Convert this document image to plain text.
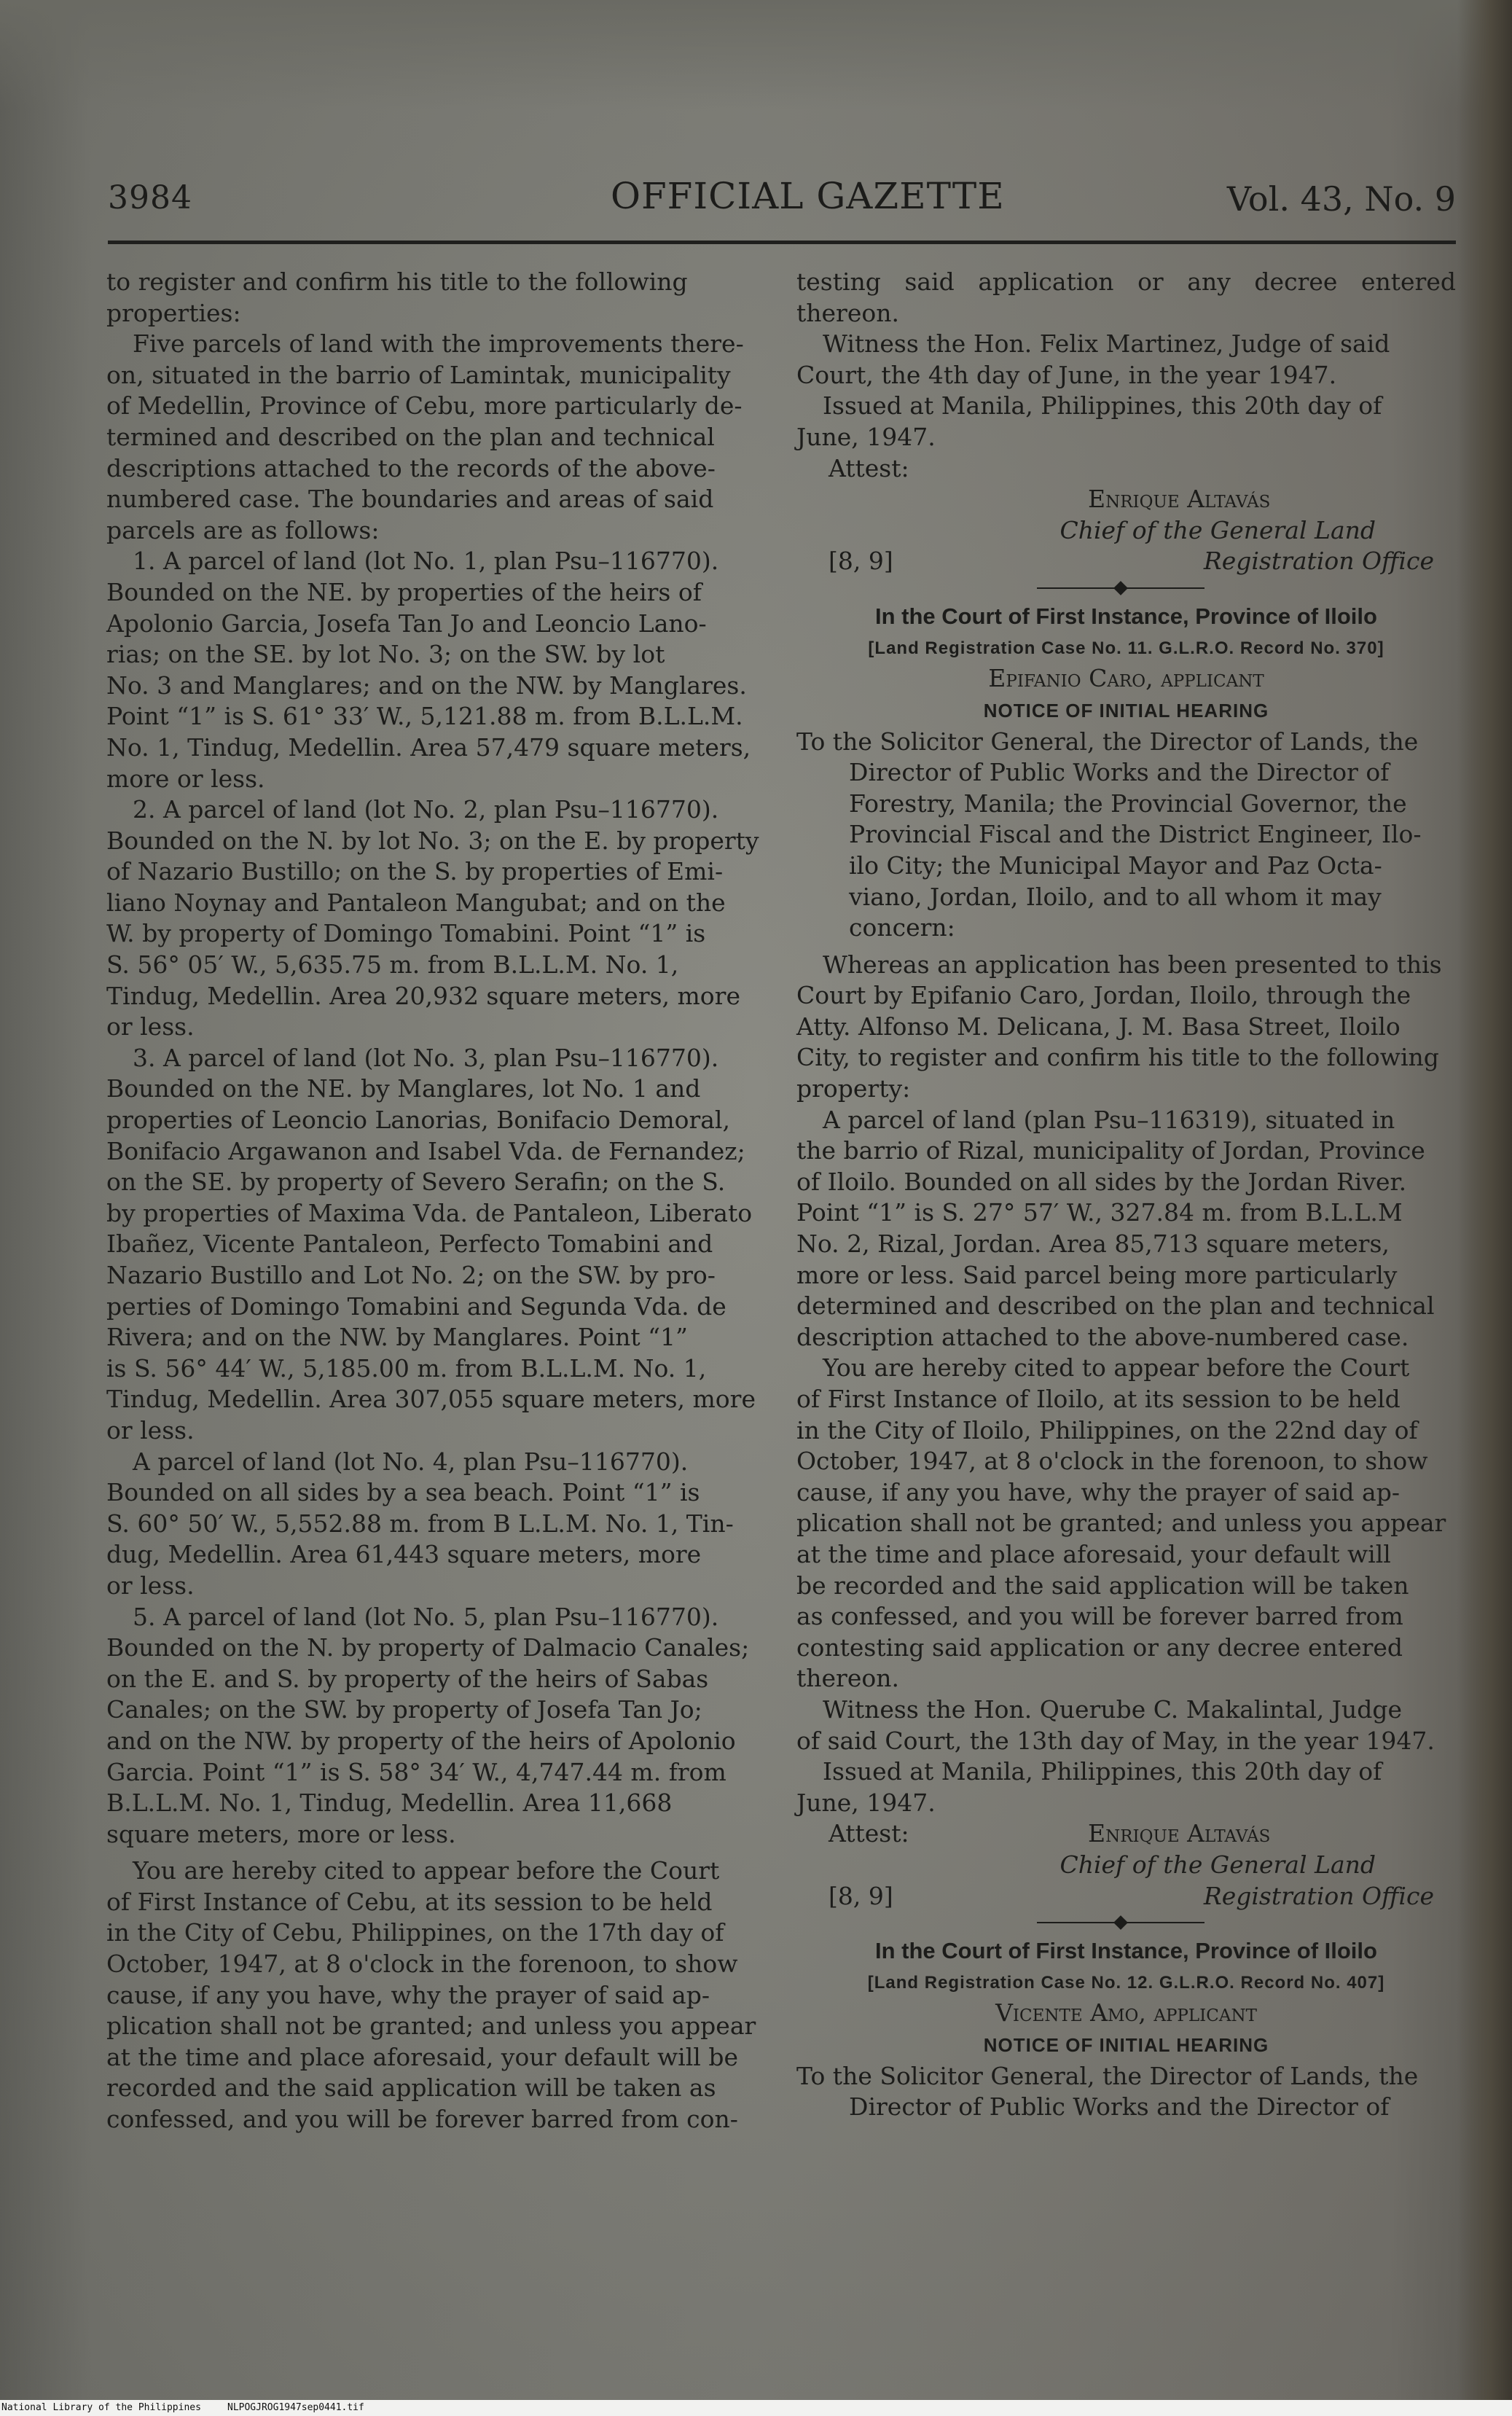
3984	OFFICIAL GAZETTE	Vol. 43, No. 9

to register and confirm his title to the following

properties:

Five parcels of land with the improvements there-

on, situated in the barrio of Lamintak, municipality

of Medellin, Province of Cebu, more particularly de-

termined and described on the plan and technical

descriptions attached to the records of the above-

numbered case. The boundaries and areas of said

parcels are as follows:

1. A parcel of land (lot No. 1, plan Psu–116770).

Bounded on the NE. by properties of the heirs of

Apolonio Garcia, Josefa Tan Jo and Leoncio Lano-

rias; on the SE. by lot No. 3; on the SW. by lot

No. 3 and Manglares; and on the NW. by Manglares.

Point “1” is S. 61° 33′ W., 5,121.88 m. from B.L.L.M.

No. 1, Tindug, Medellin. Area 57,479 square meters,

more or less.

2. A parcel of land (lot No. 2, plan Psu–116770).

Bounded on the N. by lot No. 3; on the E. by property

of Nazario Bustillo; on the S. by properties of Emi-

liano Noynay and Pantaleon Mangubat; and on the

W. by property of Domingo Tomabini. Point “1” is

S. 56° 05′ W., 5,635.75 m. from B.L.L.M. No. 1,

Tindug, Medellin. Area 20,932 square meters, more

or less.

3. A parcel of land (lot No. 3, plan Psu–116770).

Bounded on the NE. by Manglares, lot No. 1 and

properties of Leoncio Lanorias, Bonifacio Demoral,

Bonifacio Argawanon and Isabel Vda. de Fernandez;

on the SE. by property of Severo Serafin; on the S.

by properties of Maxima Vda. de Pantaleon, Liberato

Ibañez, Vicente Pantaleon, Perfecto Tomabini and

Nazario Bustillo and Lot No. 2; on the SW. by pro-

perties of Domingo Tomabini and Segunda Vda. de

Rivera; and on the NW. by Manglares. Point “1”

is S. 56° 44′ W., 5,185.00 m. from B.L.L.M. No. 1,

Tindug, Medellin. Area 307,055 square meters, more

or less.

A parcel of land (lot No. 4, plan Psu–116770).

Bounded on all sides by a sea beach. Point “1” is

S. 60° 50′ W., 5,552.88 m. from B L.L.M. No. 1, Tin-

dug, Medellin. Area 61,443 square meters, more

or less.

5. A parcel of land (lot No. 5, plan Psu–116770).

Bounded on the N. by property of Dalmacio Canales;

on the E. and S. by property of the heirs of Sabas

Canales; on the SW. by property of Josefa Tan Jo;

and on the NW. by property of the heirs of Apolonio

Garcia. Point “1” is S. 58° 34′ W., 4,747.44 m. from

B.L.L.M. No. 1, Tindug, Medellin. Area 11,668

square meters, more or less.

You are hereby cited to appear before the Court

of First Instance of Cebu, at its session to be held

in the City of Cebu, Philippines, on the 17th day of

October, 1947, at 8 o'clock in the forenoon, to show

cause, if any you have, why the prayer of said ap-

plication shall not be granted; and unless you appear

at the time and place aforesaid, your default will be

recorded and the said application will be taken as

confessed, and you will be forever barred from con-

testing said application or any decree entered thereon.

Witness the Hon. Felix Martinez, Judge of said

Court, the 4th day of June, in the year 1947.

Issued at Manila, Philippines, this 20th day of

June, 1947.

Attest:
Enrique Altavás

Chief of the General Land

[8, 9]	Registration Office

In the Court of First Instance, Province of Iloilo

[Land Registration Case No. 11. G.L.R.O. Record No. 370]

Epifanio Caro, applicant

NOTICE OF INITIAL HEARING

To the Solicitor General, the Director of Lands, the

Director of Public Works and the Director of

Forestry, Manila; the Provincial Governor, the

Provincial Fiscal and the District Engineer, Ilo-

ilo City; the Municipal Mayor and Paz Octa-

viano, Jordan, Iloilo, and to all whom it may

concern:

Whereas an application has been presented to this

Court by Epifanio Caro, Jordan, Iloilo, through the

Atty. Alfonso M. Delicana, J. M. Basa Street, Iloilo

City, to register and confirm his title to the following

property:

A parcel of land (plan Psu–116319), situated in

the barrio of Rizal, municipality of Jordan, Province

of Iloilo. Bounded on all sides by the Jordan River.

Point “1” is S. 27° 57′ W., 327.84 m. from B.L.L.M

No. 2, Rizal, Jordan. Area 85,713 square meters,

more or less. Said parcel being more particularly

determined and described on the plan and technical

description attached to the above-numbered case.

You are hereby cited to appear before the Court

of First Instance of Iloilo, at its session to be held

in the City of Iloilo, Philippines, on the 22nd day of

October, 1947, at 8 o'clock in the forenoon, to show

cause, if any you have, why the prayer of said ap-

plication shall not be granted; and unless you appear

at the time and place aforesaid, your default will

be recorded and the said application will be taken

as confessed, and you will be forever barred from

contesting said application or any decree entered

thereon.

Witness the Hon. Querube C. Makalintal, Judge

of said Court, the 13th day of May, in the year 1947.

Issued at Manila, Philippines, this 20th day of

June, 1947.

Attest:	Enrique Altavás

Chief of the General Land

[8, 9]	Registration Office

In the Court of First Instance, Province of Iloilo

[Land Registration Case No. 12. G.L.R.O. Record No. 407]

Vicente Amo, applicant

NOTICE OF INITIAL HEARING

To the Solicitor General, the Director of Lands, the

Director of Public Works and the Director of

National Library of the Philippines	NLPOGJROG1947sep0441.tif
